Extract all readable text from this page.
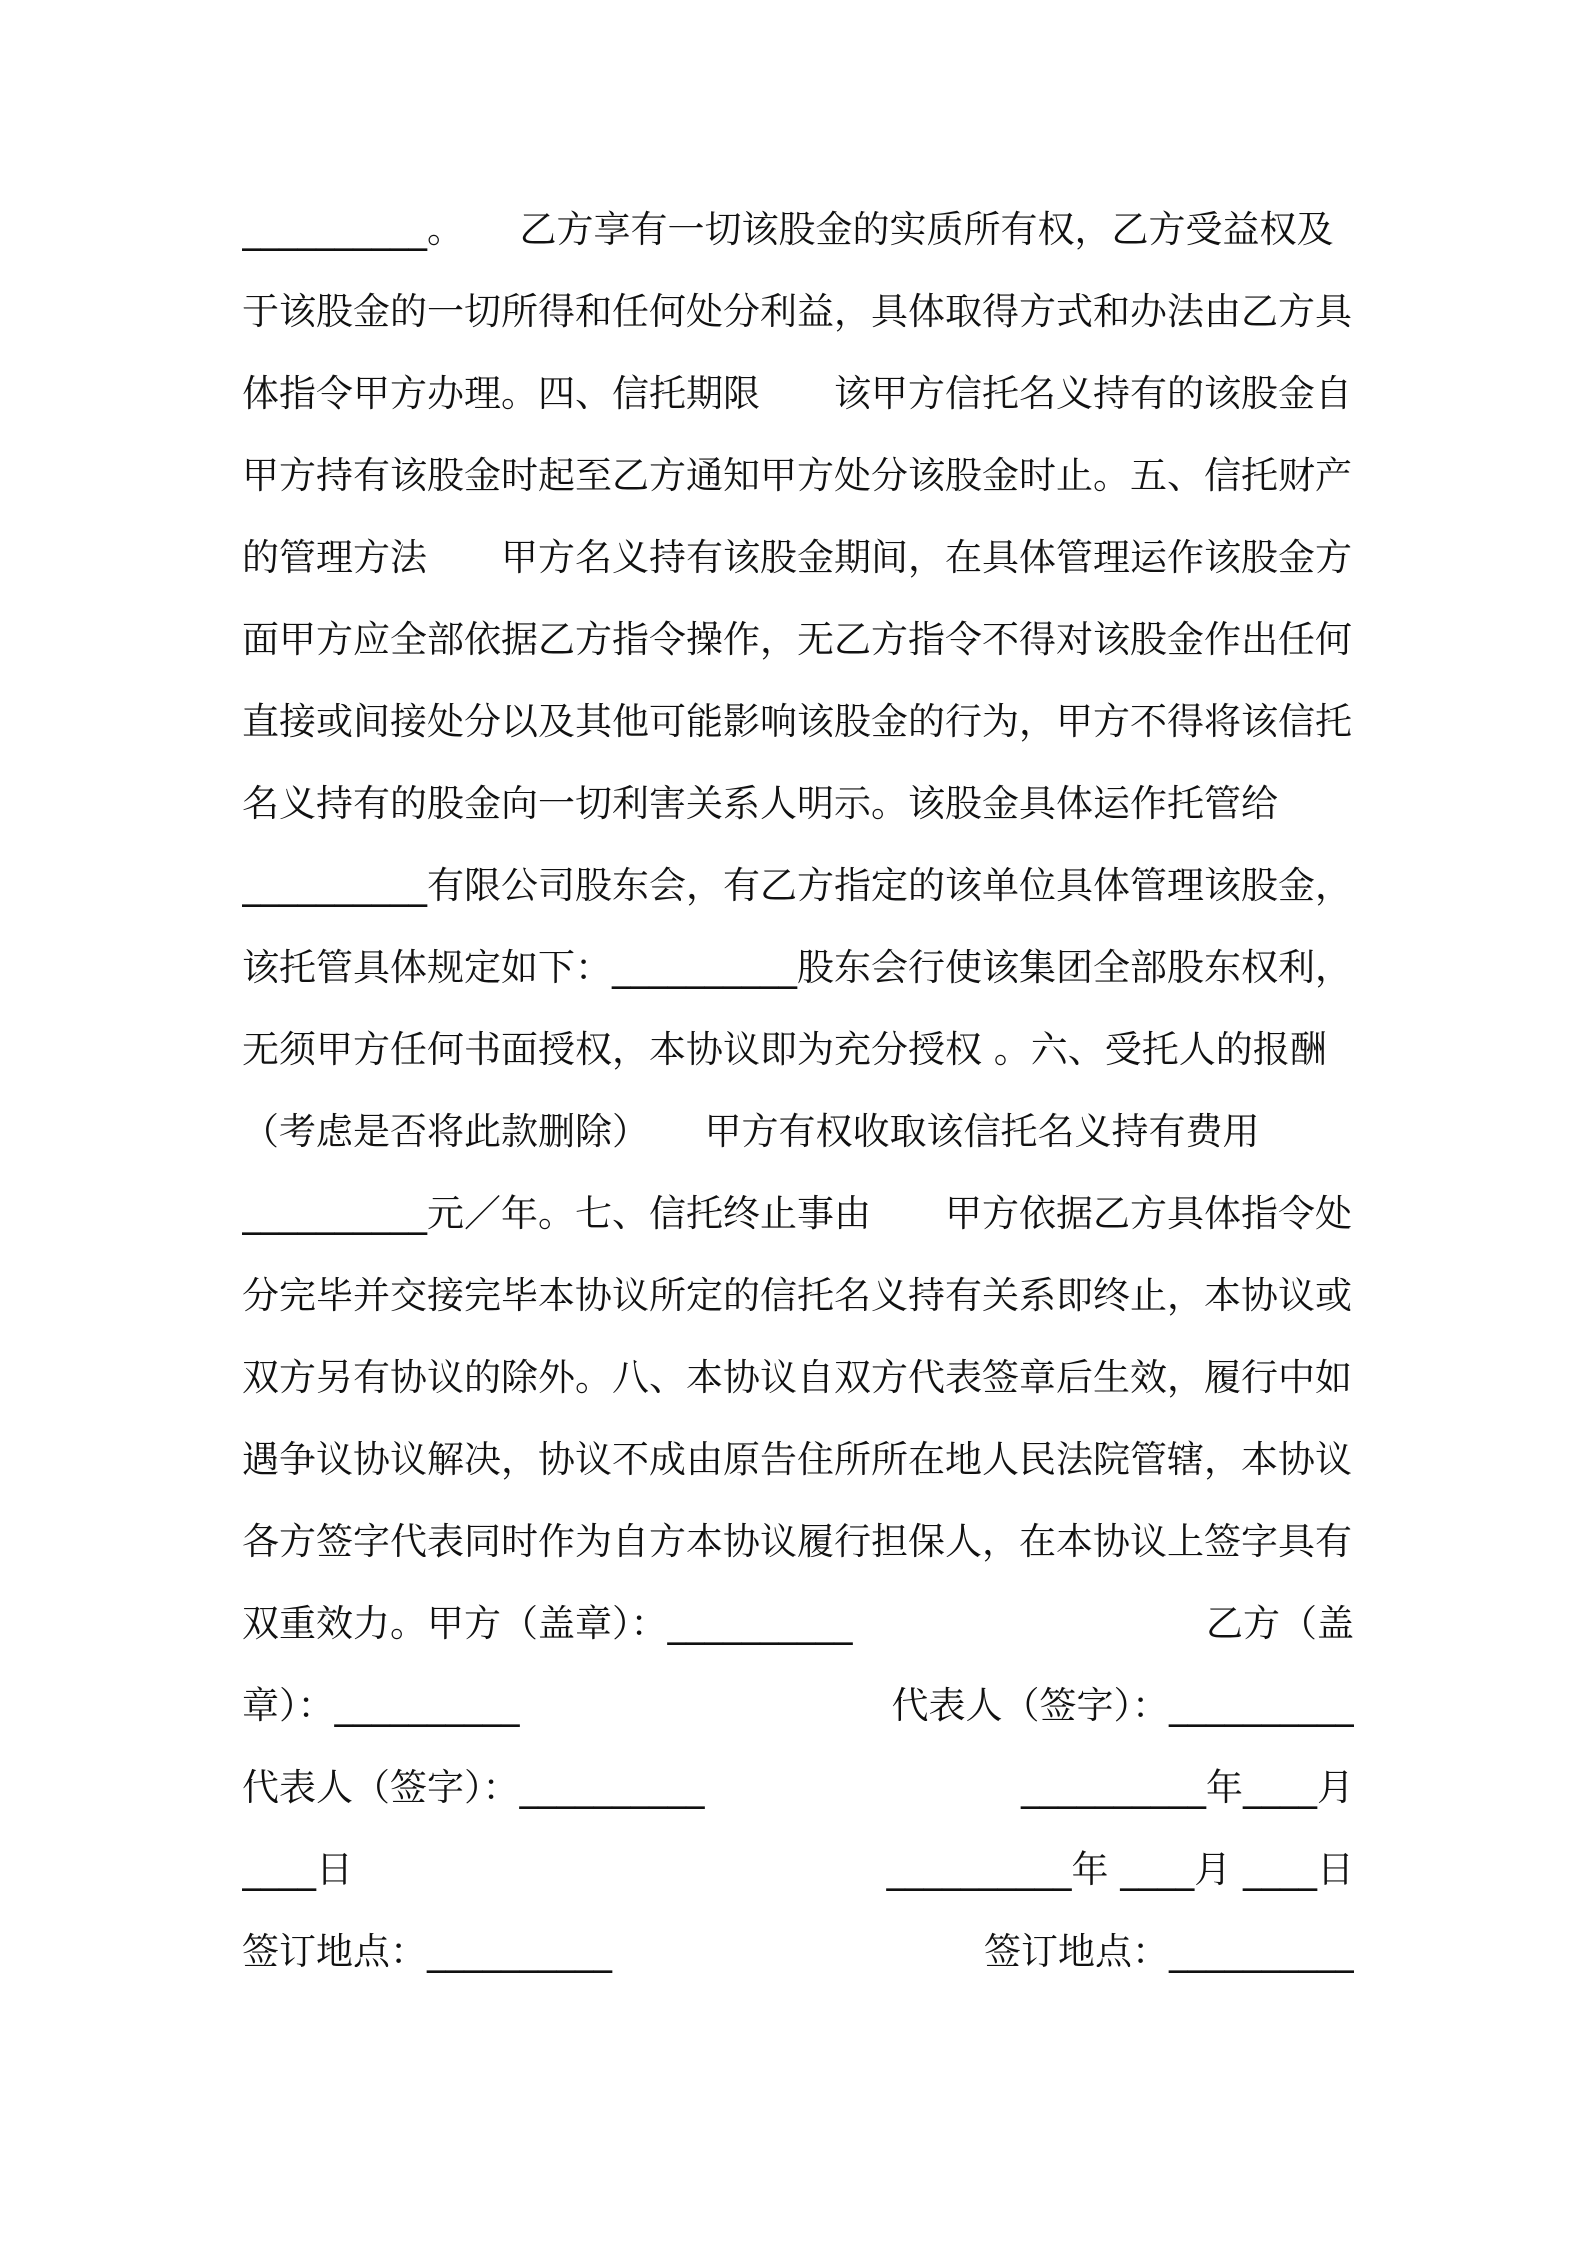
__________。　　乙方享有一切该股金的实质所有权，乙方受益权及
于该股金的一切所得和任何处分利益，具体取得方式和办法由乙方具
体指令甲方办理。四、信托期限　　该甲方信托名义持有的该股金自
甲方持有该股金时起至乙方通知甲方处分该股金时止。五、信托财产
的管理方法　　甲方名义持有该股金期间，在具体管理运作该股金方
面甲方应全部依据乙方指令操作，无乙方指令不得对该股金作出任何
直接或间接处分以及其他可能影响该股金的行为，甲方不得将该信托
名义持有的股金向一切利害关系人明示。该股金具体运作托管给
__________有限公司股东会，有乙方指定的该单位具体管理该股金，
该托管具体规定如下：__________股东会行使该集团全部股东权利，
无须甲方任何书面授权，本协议即为充分授权 。六、受托人的报酬
（考虑是否将此款删除）　　甲方有权收取该信托名义持有费用
__________元／年。七、信托终止事由　　甲方依据乙方具体指令处
分完毕并交接完毕本协议所定的信托名义持有关系即终止，本协议或
双方另有协议的除外。八、本协议自双方代表签章后生效，履行中如
遇争议协议解决，协议不成由原告住所所在地人民法院管辖，本协议
各方签字代表同时作为自方本协议履行担保人，在本协议上签字具有
双重效力。甲方（盖章）：__________	乙方（盖
章）：__________	代表人（签字）：__________
代表人（签字）：__________	__________年____月
____日	__________年 ____月 ____日
签订地点：__________	签订地点：__________
